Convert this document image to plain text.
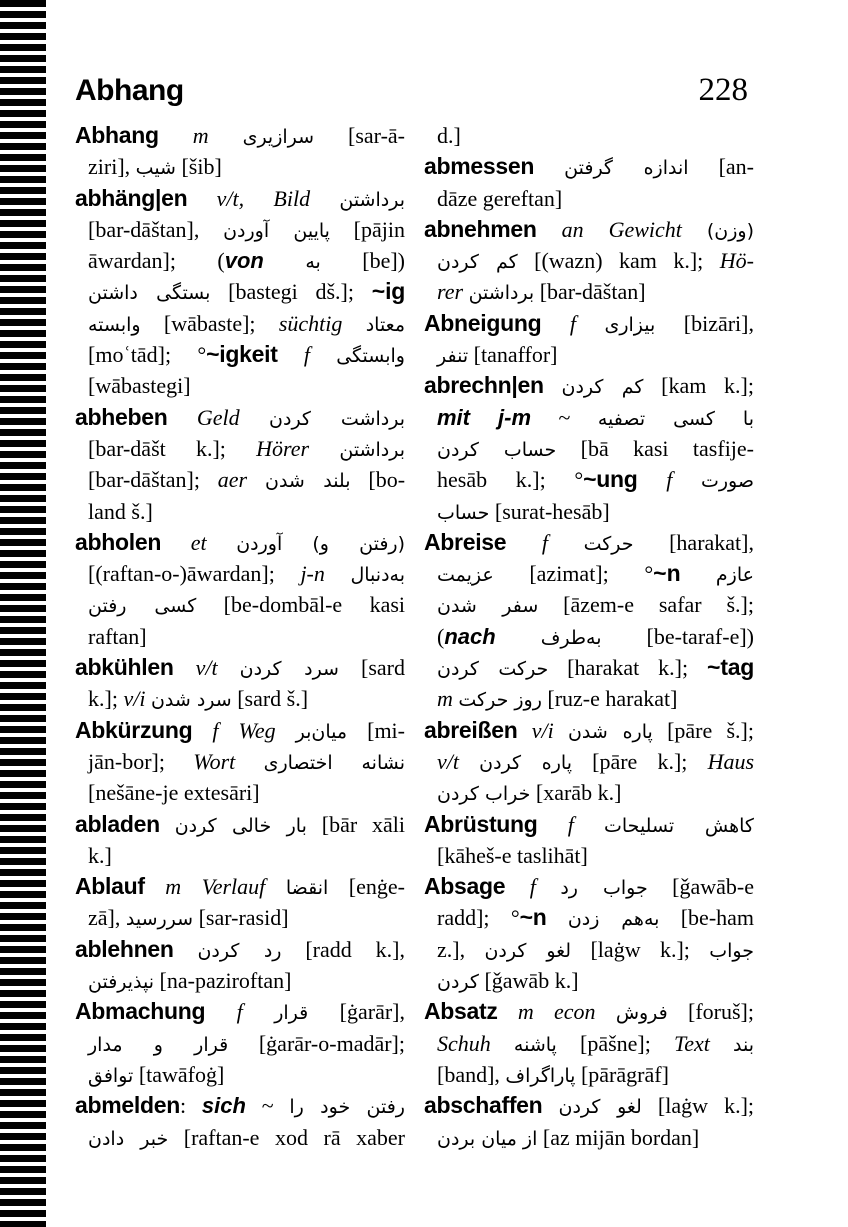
Abhang	228
Abhang m سرازیری [sar-ā-
ziri], شیب [šib]
abhäng|en v/t, Bild برداشتن
[bar-dāštan], پایین آوردن [pājin
āwardan]; (von به [be])
بستگی داشتن [bastegi dš.]; ~ig
وابسته [wābaste]; süchtig معتاد
[moʿtād]; °~igkeit f وابستگی
[wābastegi]
abheben Geld برداشت کردن
[bar-dāšt k.]; Hörer برداشتن
[bar-dāštan]; aer بلند شدن [bo-
land š.]
abholen et (رفتن و) آوردن
[(raftan-o-)āwardan]; j-n به‌دنبال
کسی رفتن [be-dombāl-e kasi
raftan]
abkühlen v/t سرد کردن [sard
k.]; v/i سرد شدن [sard š.]
Abkürzung f Weg میان‌بر [mi-
jān-bor]; Wort نشانه اختصاری
[nešāne-je extesāri]
abladen بار خالی کردن [bār xāli
k.]
Ablauf m Verlauf انقضا [enġe-
zā], سررسید [sar-rasid]
ablehnen رد کردن [radd k.],
نپذیرفتن [na-paziroftan]
Abmachung f قرار [ġarār],
قرار و مدار [ġarār-o-madār];
توافق [tawāfoġ]
abmelden: sich ~ رفتن خود را
خبر دادن [raftan-e xod rā xaber
d.]
abmessen اندازه گرفتن [an-
dāze gereftan]
abnehmen an Gewicht (وزن)
کم کردن [(wazn) kam k.]; Hö-
rer برداشتن [bar-dāštan]
Abneigung f بیزاری [bizāri],
تنفر [tanaffor]
abrechn|en کم کردن [kam k.];
mit j-m ~ با کسی تصفیه
حساب کردن [bā kasi tasfije-
hesāb k.]; °~ung f صورت
حساب [surat-hesāb]
Abreise f حرکت [harakat],
عزیمت [azimat]; °~n عازم
سفر شدن [āzem-e safar š.];
(nach به‌طرف [be-taraf-e])
حرکت کردن [harakat k.]; ~tag
m روز حرکت [ruz-e harakat]
abreißen v/i پاره شدن [pāre š.];
v/t پاره کردن [pāre k.]; Haus
خراب کردن [xarāb k.]
Abrüstung f کاهش تسلیحات
[kāheš-e taslihāt]
Absage f جواب رد [ǧawāb-e
radd]; °~n به‌هم زدن [be-ham
z.], لغو کردن [laġw k.]; جواب
کردن [ǧawāb k.]
Absatz m econ فروش [foruš];
Schuh پاشنه [pāšne]; Text بند
[band], پاراگراف [pārāgrāf]
abschaffen لغو کردن [laġw k.];
از میان بردن [az mijān bordan]
